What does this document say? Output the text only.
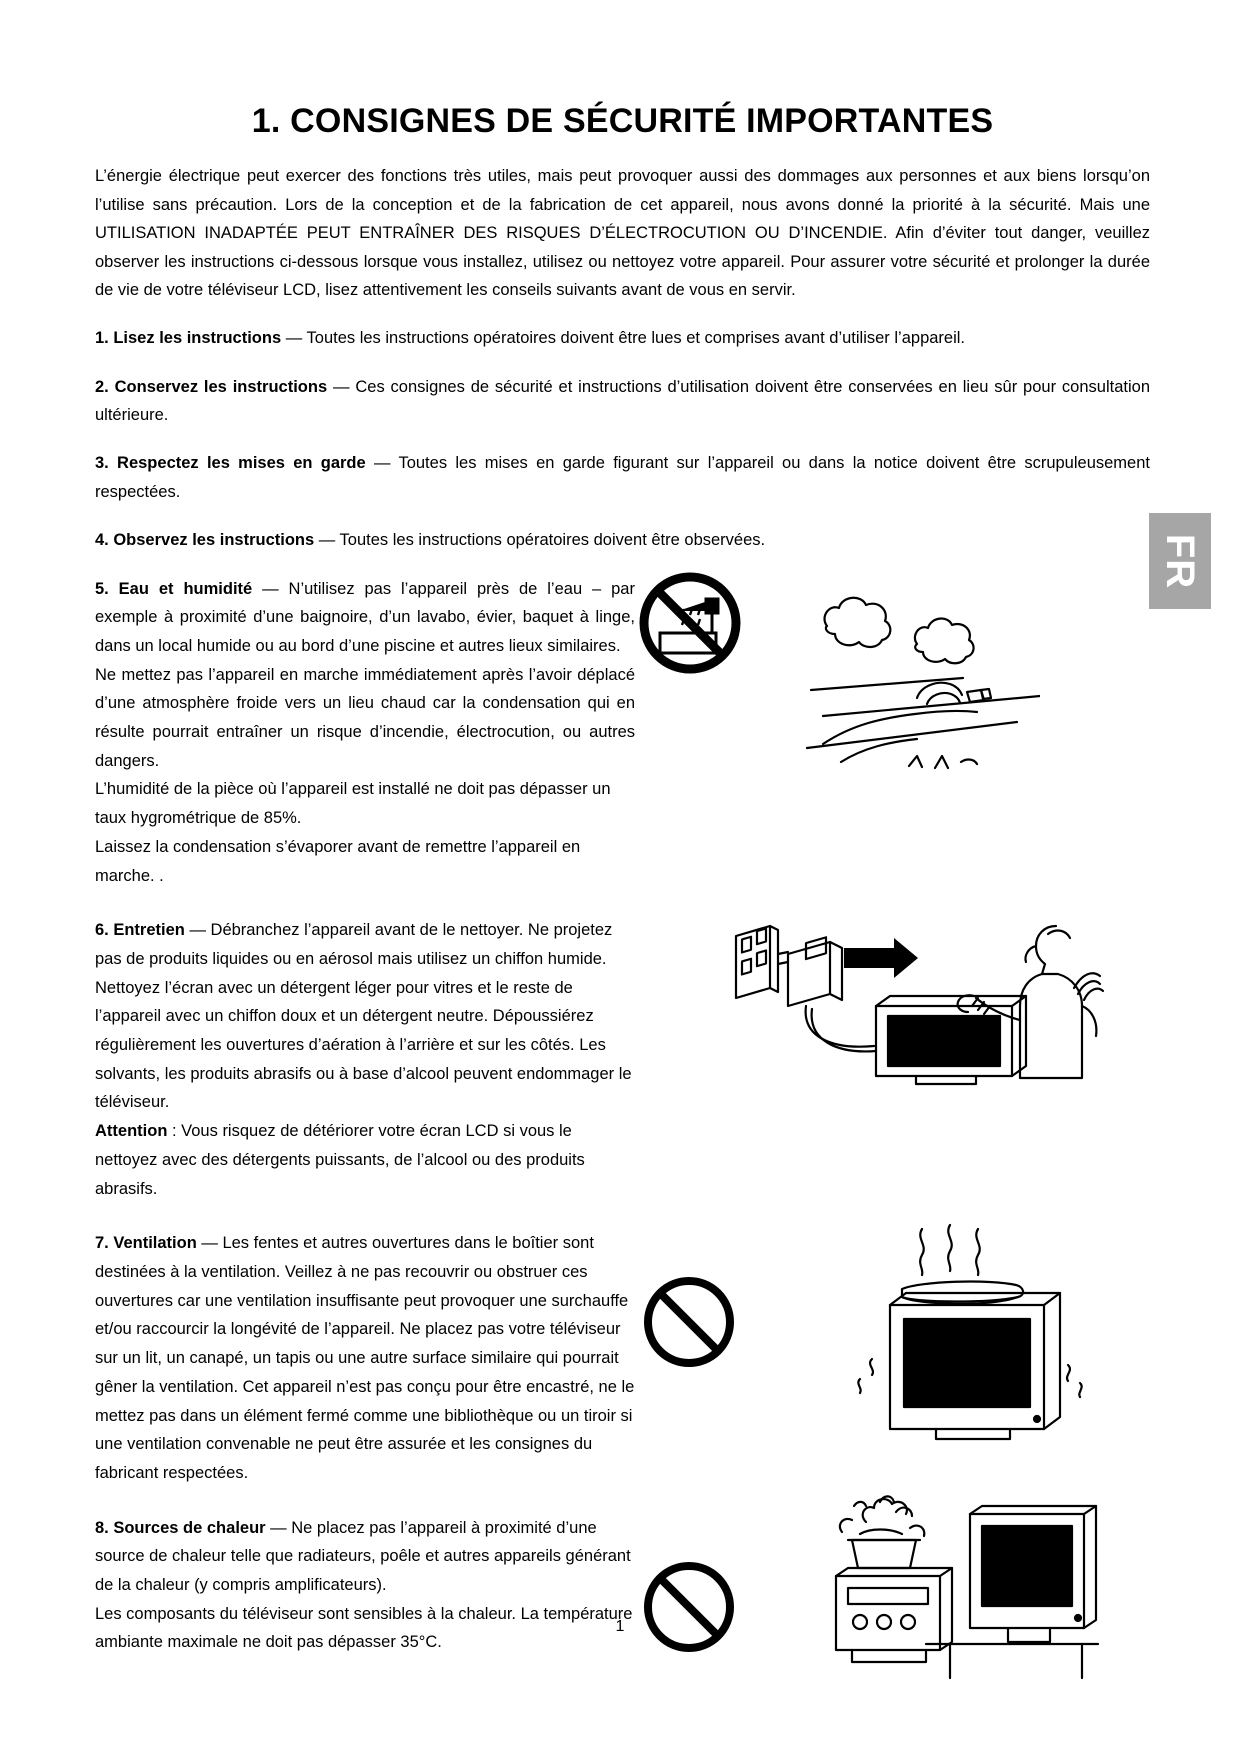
1. CONSIGNES DE SÉCURITÉ IMPORTANTES

L’énergie électrique peut exercer des fonctions très utiles, mais peut provoquer aussi des dommages aux personnes et aux biens lorsqu’on l’utilise sans précaution. Lors de la conception et de la fabrication de cet appareil, nous avons donné la priorité à la sécurité. Mais une UTILISATION INADAPTÉE PEUT ENTRAÎNER DES RISQUES D’ÉLECTROCUTION OU D’INCENDIE. Afin d’éviter tout danger, veuillez observer les instructions ci-dessous lorsque vous installez, utilisez ou nettoyez votre appareil. Pour assurer votre sécurité et prolonger la durée de vie de votre téléviseur LCD, lisez attentivement les conseils suivants avant de vous en servir.

1. Lisez les instructions — Toutes les instructions opératoires doivent être lues et comprises avant d’utiliser l’appareil.

2. Conservez les instructions — Ces consignes de sécurité et instructions d’utilisation doivent être conservées en lieu sûr pour consultation ultérieure.

3. Respectez les mises en garde — Toutes les mises en garde figurant sur l’appareil ou dans la notice doivent être scrupuleusement respectées.

4. Observez les instructions — Toutes les instructions opératoires doivent être observées.

5. Eau et humidité — N’utilisez pas l’appareil près de l’eau – par exemple à proximité d’une baignoire, d’un lavabo, évier, baquet à linge, dans un local humide ou au bord d’une piscine et autres lieux similaires.

Ne mettez pas l’appareil en marche immédiatement après l’avoir déplacé d’une atmosphère froide vers un lieu chaud car la condensation qui en résulte pourrait entraîner un risque d’incendie, électrocution, ou autres dangers.

L’humidité de la pièce où l’appareil est installé ne doit pas dépasser un taux hygrométrique de 85%.

Laissez la condensation s’évaporer avant de remettre l’appareil en marche. .

6. Entretien — Débranchez l’appareil avant de le nettoyer. Ne projetez pas de produits liquides ou en aérosol mais utilisez un chiffon humide. Nettoyez l’écran avec un détergent léger pour vitres et le reste de l’appareil avec un chiffon doux et un détergent neutre. Dépoussiérez régulièrement les ouvertures d’aération à l’arrière et sur les côtés. Les solvants, les produits abrasifs ou à base d’alcool peuvent endommager le téléviseur.

Attention : Vous risquez de détériorer votre écran LCD si vous le nettoyez avec des détergents puissants, de l’alcool ou des produits abrasifs.

7. Ventilation — Les fentes et autres ouvertures dans le boîtier sont destinées à la ventilation. Veillez à ne pas recouvrir ou obstruer ces ouvertures car une ventilation insuffisante peut provoquer une surchauffe et/ou raccourcir la longévité de l’appareil. Ne placez pas votre téléviseur sur un lit, un canapé, un tapis ou une autre surface similaire qui pourrait gêner la ventilation. Cet appareil n’est pas conçu pour être encastré, ne le mettez pas dans un élément fermé comme une bibliothèque ou un tiroir si une ventilation convenable ne peut être assurée et les consignes du fabricant respectées.

8. Sources de chaleur — Ne placez pas l’appareil à proximité d’une source de chaleur telle que radiateurs, poêle et autres appareils générant de la chaleur (y compris amplificateurs).

Les composants du téléviseur sont sensibles à la chaleur. La température ambiante maximale ne doit pas dépasser 35°C.

FR
1
